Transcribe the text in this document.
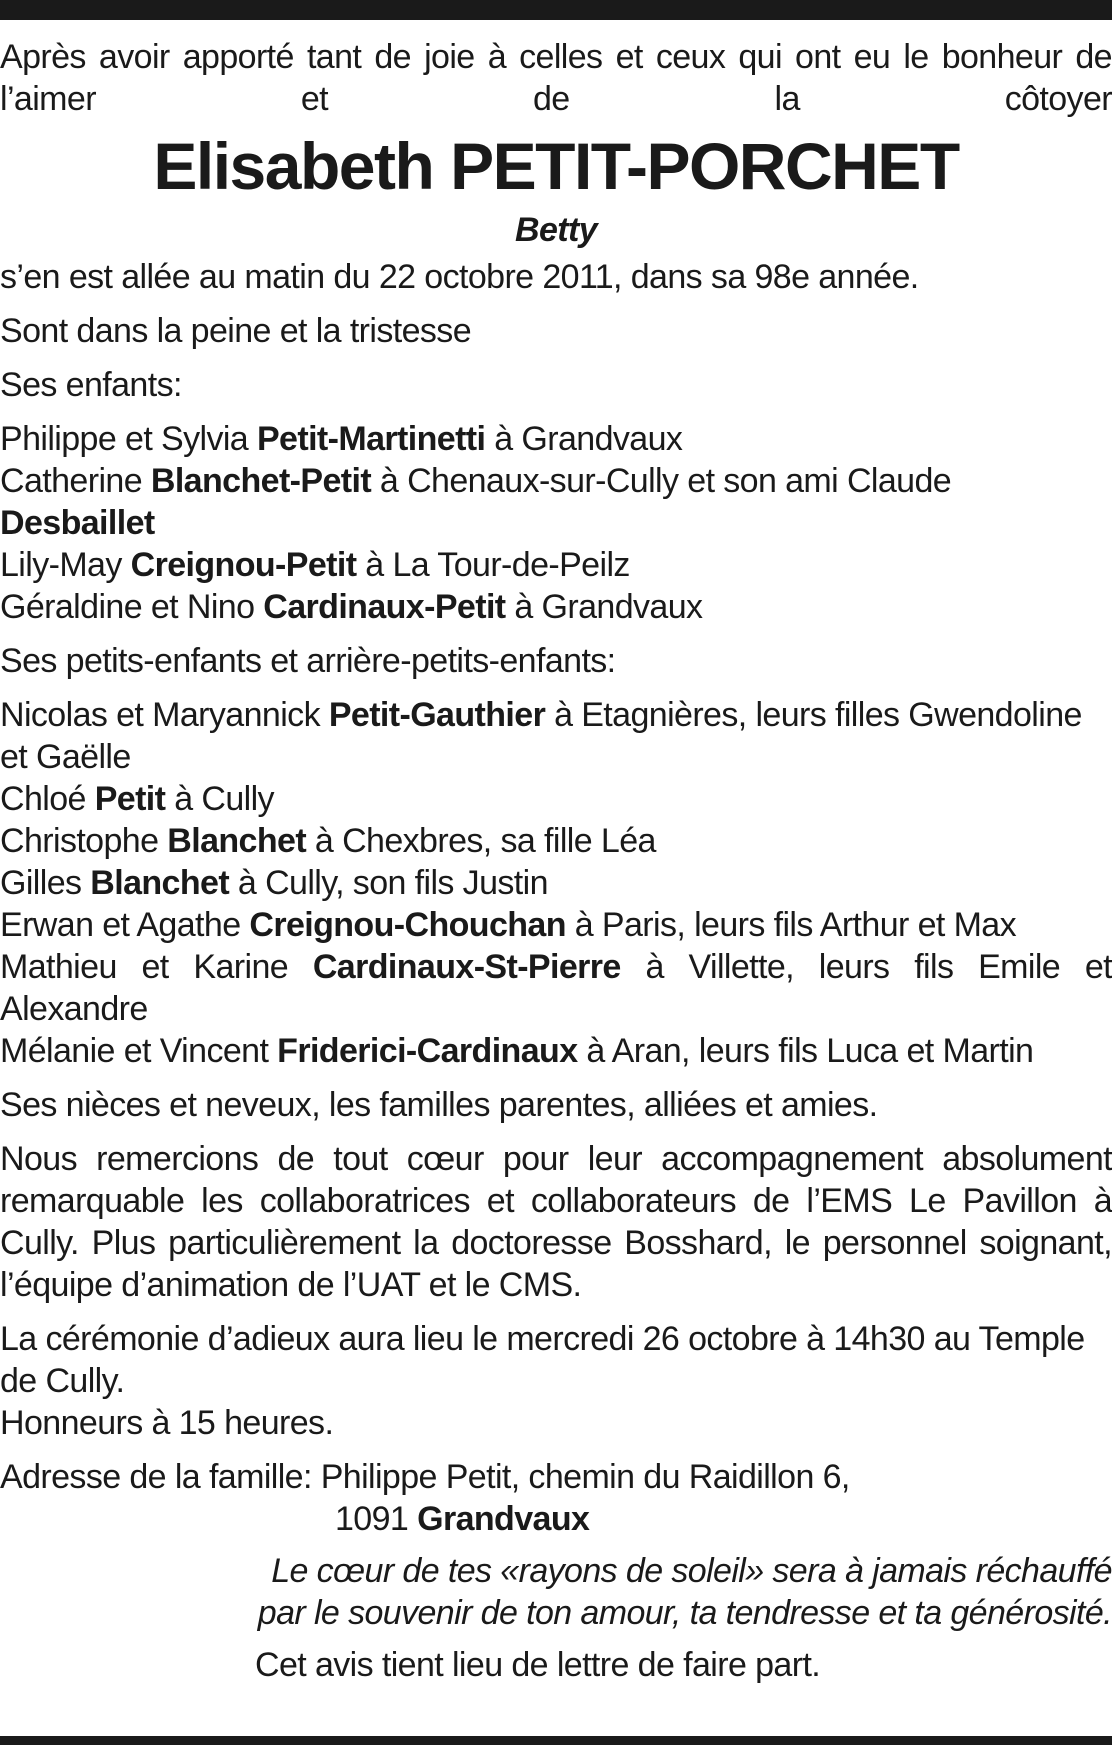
Après avoir apporté tant de joie à celles et ceux qui ont eu le bonheur de l’aimer et de la côtoyer

Elisabeth PETIT-PORCHET

Betty

s’en est allée au matin du 22 octobre 2011, dans sa 98e année.

Sont dans la peine et la tristesse

Ses enfants:

Philippe et Sylvia Petit-Martinetti à Grandvaux

Catherine Blanchet-Petit à Chenaux-sur-Cully et son ami Claude Desbaillet

Lily-May Creignou-Petit à La Tour-de-Peilz

Géraldine et Nino Cardinaux-Petit à Grandvaux

Ses petits-enfants et arrière-petits-enfants:

Nicolas et Maryannick Petit-Gauthier à Etagnières, leurs filles Gwendoline et Gaëlle

Chloé Petit à Cully

Christophe Blanchet à Chexbres, sa fille Léa

Gilles Blanchet à Cully, son fils Justin

Erwan et Agathe Creignou-Chouchan à Paris, leurs fils Arthur et Max

Mathieu et Karine Cardinaux-St-Pierre à Villette, leurs fils Emile et Alexandre

Mélanie et Vincent Friderici-Cardinaux à Aran, leurs fils Luca et Martin

Ses nièces et neveux, les familles parentes, alliées et amies.

Nous remercions de tout cœur pour leur accompagnement absolument remarquable les collaboratrices et collaborateurs de l’EMS Le Pavillon à Cully. Plus particulièrement la doctoresse Bosshard, le personnel soignant, l’équipe d’animation de l’UAT et le CMS.

La cérémonie d’adieux aura lieu le mercredi 26 octobre à 14h30 au Temple de Cully.

Honneurs à 15 heures.

Adresse de la famille: Philippe Petit, chemin du Raidillon 6,

1091 Grandvaux

Le cœur de tes «rayons de soleil» sera à jamais réchauffé

par le souvenir de ton amour, ta tendresse et ta générosité.

Cet avis tient lieu de lettre de faire part.
